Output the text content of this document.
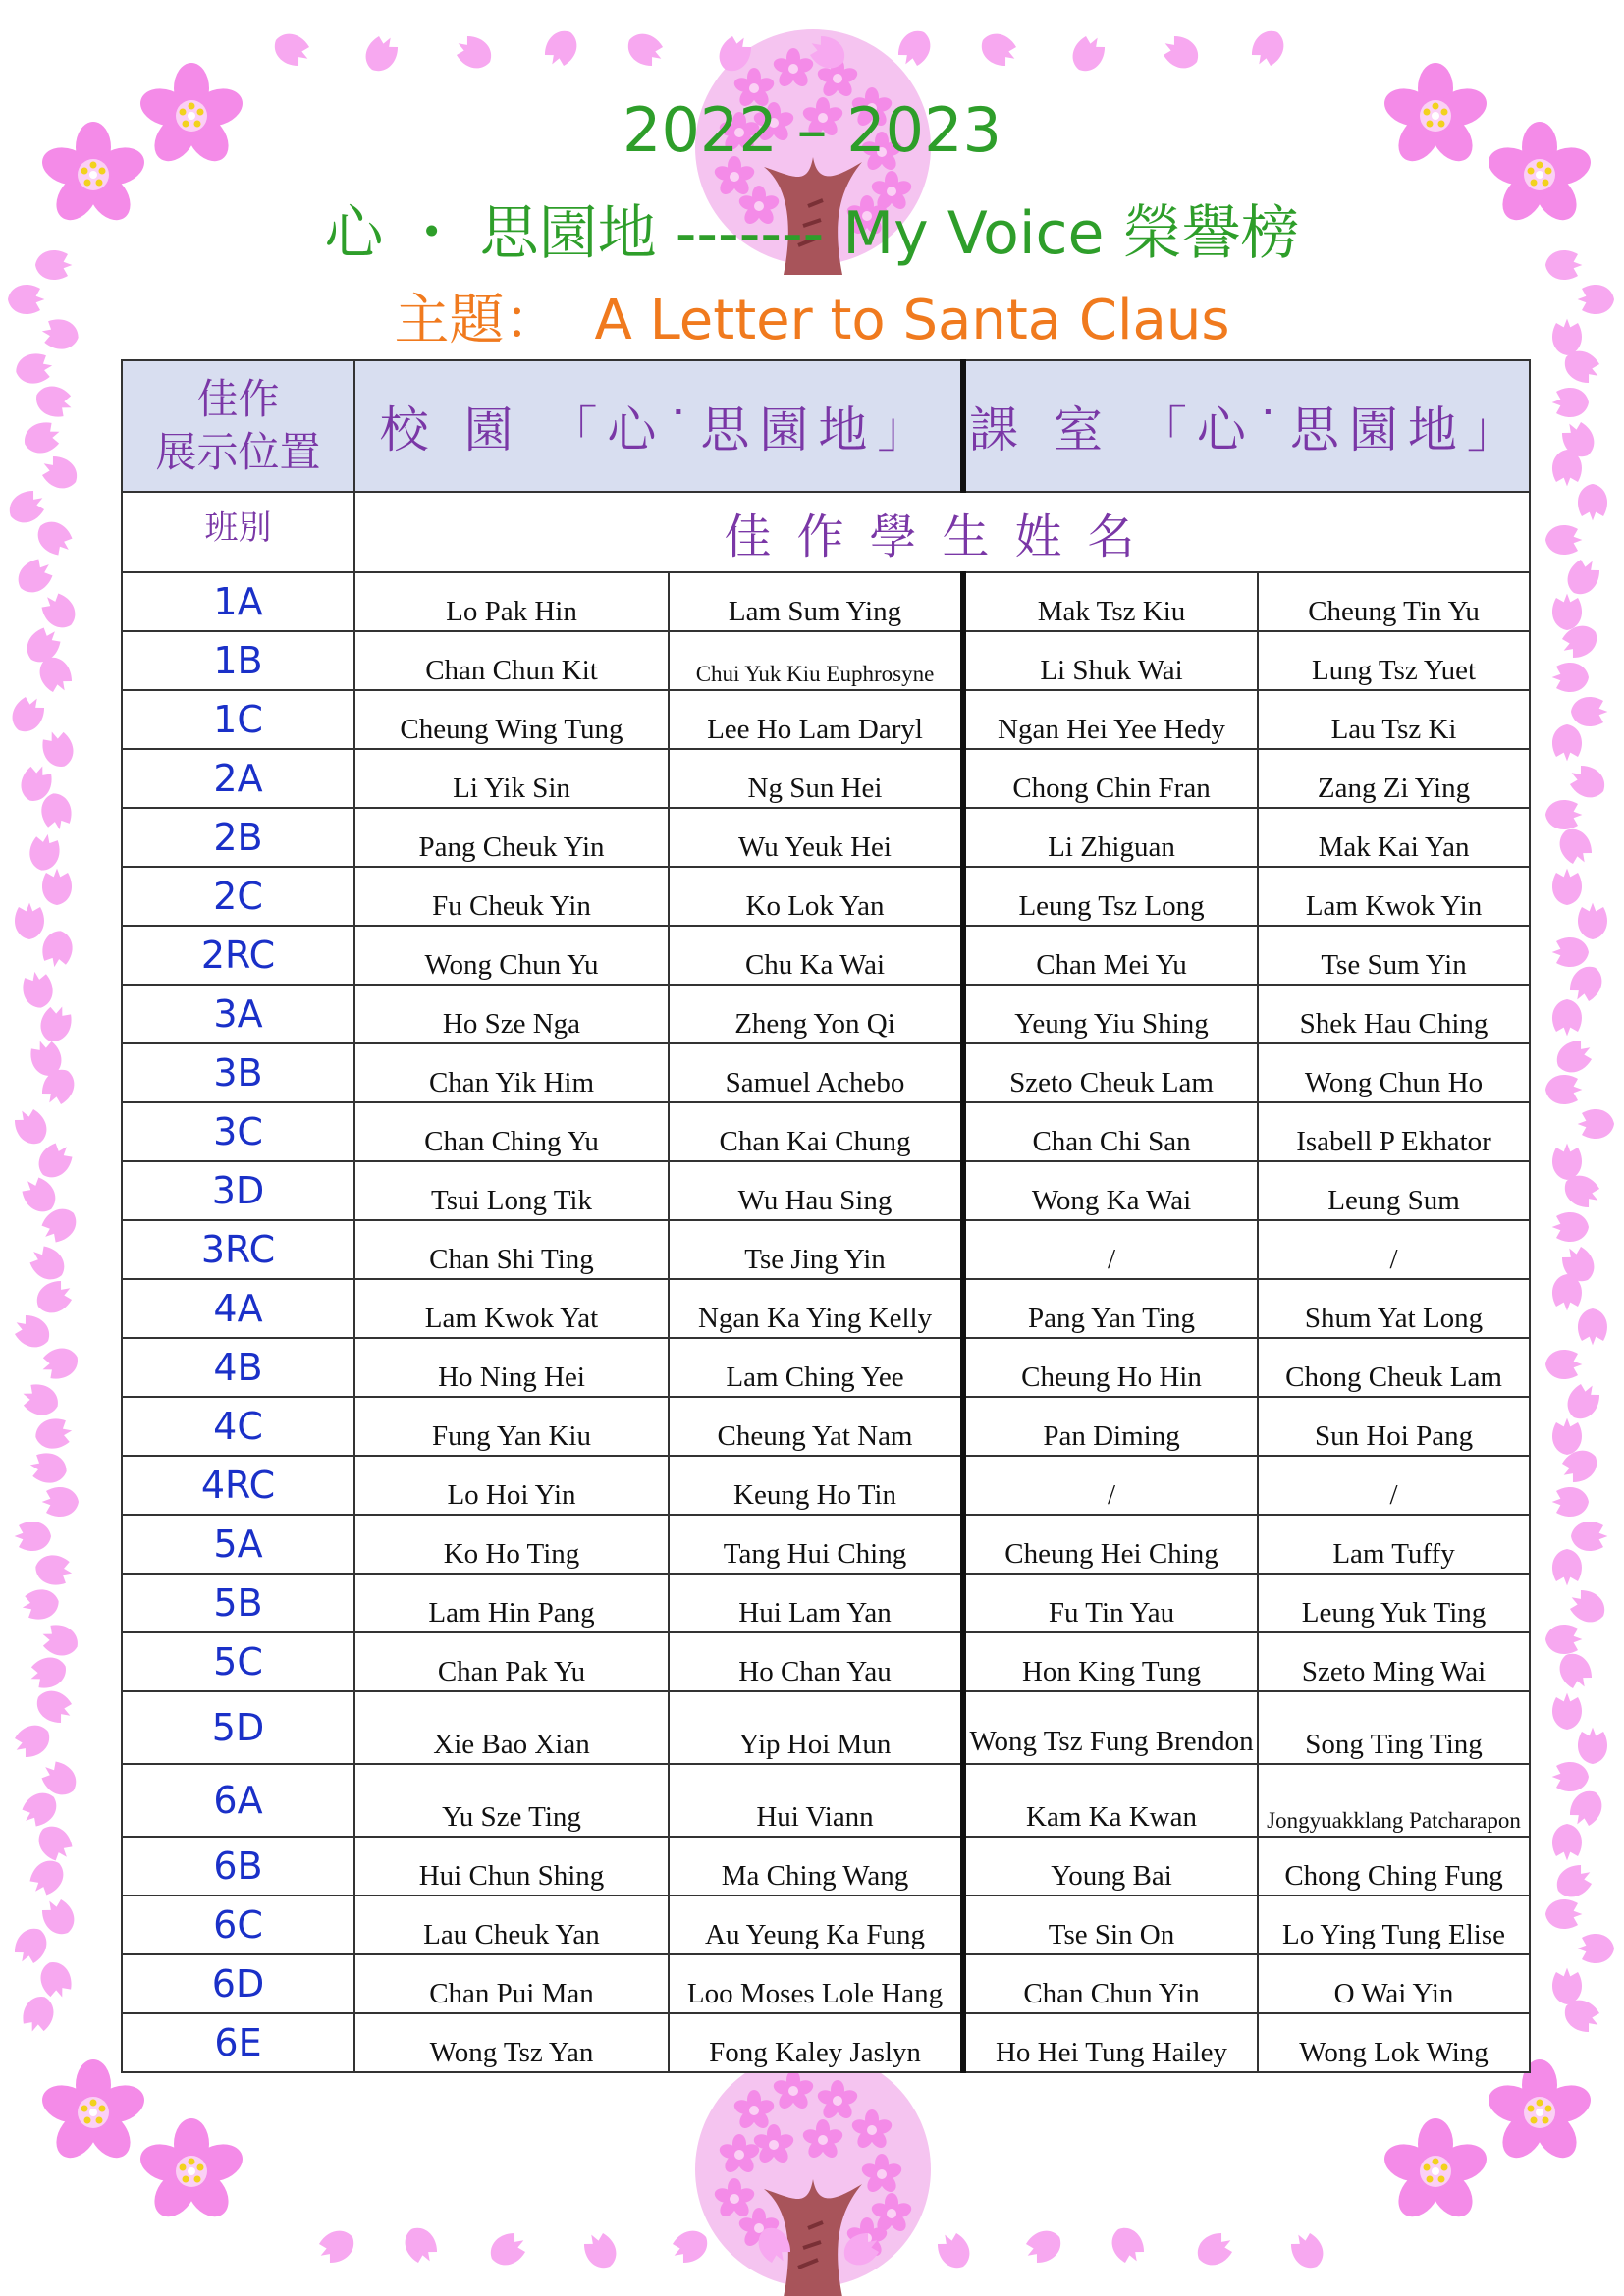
2022 – 2023
心 ・ 思園地 ------- My Voice 榮譽榜
主題： A Letter to Santa Claus
佳作
展示位置	校 園 「心˙思園地」		課 室 「心˙思園地」	
班別	佳作學生姓名			
1A	Lo Pak Hin	Lam Sum Ying	Mak Tsz Kiu	Cheung Tin Yu
1B	Chan Chun Kit	Chui Yuk Kiu Euphrosyne	Li Shuk Wai	Lung Tsz Yuet
1C	Cheung Wing Tung	Lee Ho Lam Daryl	Ngan Hei Yee Hedy	Lau Tsz Ki
2A	Li Yik Sin	Ng Sun Hei	Chong Chin Fran	Zang Zi Ying
2B	Pang Cheuk Yin	Wu Yeuk Hei	Li Zhiguan	Mak Kai Yan
2C	Fu Cheuk Yin	Ko Lok Yan	Leung Tsz Long	Lam Kwok Yin
2RC	Wong Chun Yu	Chu Ka Wai	Chan Mei Yu	Tse Sum Yin
3A	Ho Sze Nga	Zheng Yon Qi	Yeung Yiu Shing	Shek Hau Ching
3B	Chan Yik Him	Samuel Achebo	Szeto Cheuk Lam	Wong Chun Ho
3C	Chan Ching Yu	Chan Kai Chung	Chan Chi San	Isabell P Ekhator
3D	Tsui Long Tik	Wu Hau Sing	Wong Ka Wai	Leung Sum
3RC	Chan Shi Ting	Tse Jing Yin	/	/
4A	Lam Kwok Yat	Ngan Ka Ying Kelly	Pang Yan Ting	Shum Yat Long
4B	Ho Ning Hei	Lam Ching Yee	Cheung Ho Hin	Chong Cheuk Lam
4C	Fung Yan Kiu	Cheung Yat Nam	Pan Diming	Sun Hoi Pang
4RC	Lo Hoi Yin	Keung Ho Tin	/	/
5A	Ko Ho Ting	Tang Hui Ching	Cheung Hei Ching	Lam Tuffy
5B	Lam Hin Pang	Hui Lam Yan	Fu Tin Yau	Leung Yuk Ting
5C	Chan Pak Yu	Ho Chan Yau	Hon King Tung	Szeto Ming Wai
5D	Xie Bao Xian	Yip Hoi Mun	Wong Tsz Fung Brendon	Song Ting Ting
6A	Yu Sze Ting	Hui Viann	Kam Ka Kwan	Jongyuakklang Patcharapon
6B	Hui Chun Shing	Ma Ching Wang	Young Bai	Chong Ching Fung
6C	Lau Cheuk Yan	Au Yeung Ka Fung	Tse Sin On	Lo Ying Tung Elise
6D	Chan Pui Man	Loo Moses Lole Hang	Chan Chun Yin	O Wai Yin
6E	Wong Tsz Yan	Fong Kaley Jaslyn	Ho Hei Tung Hailey	Wong Lok Wing
